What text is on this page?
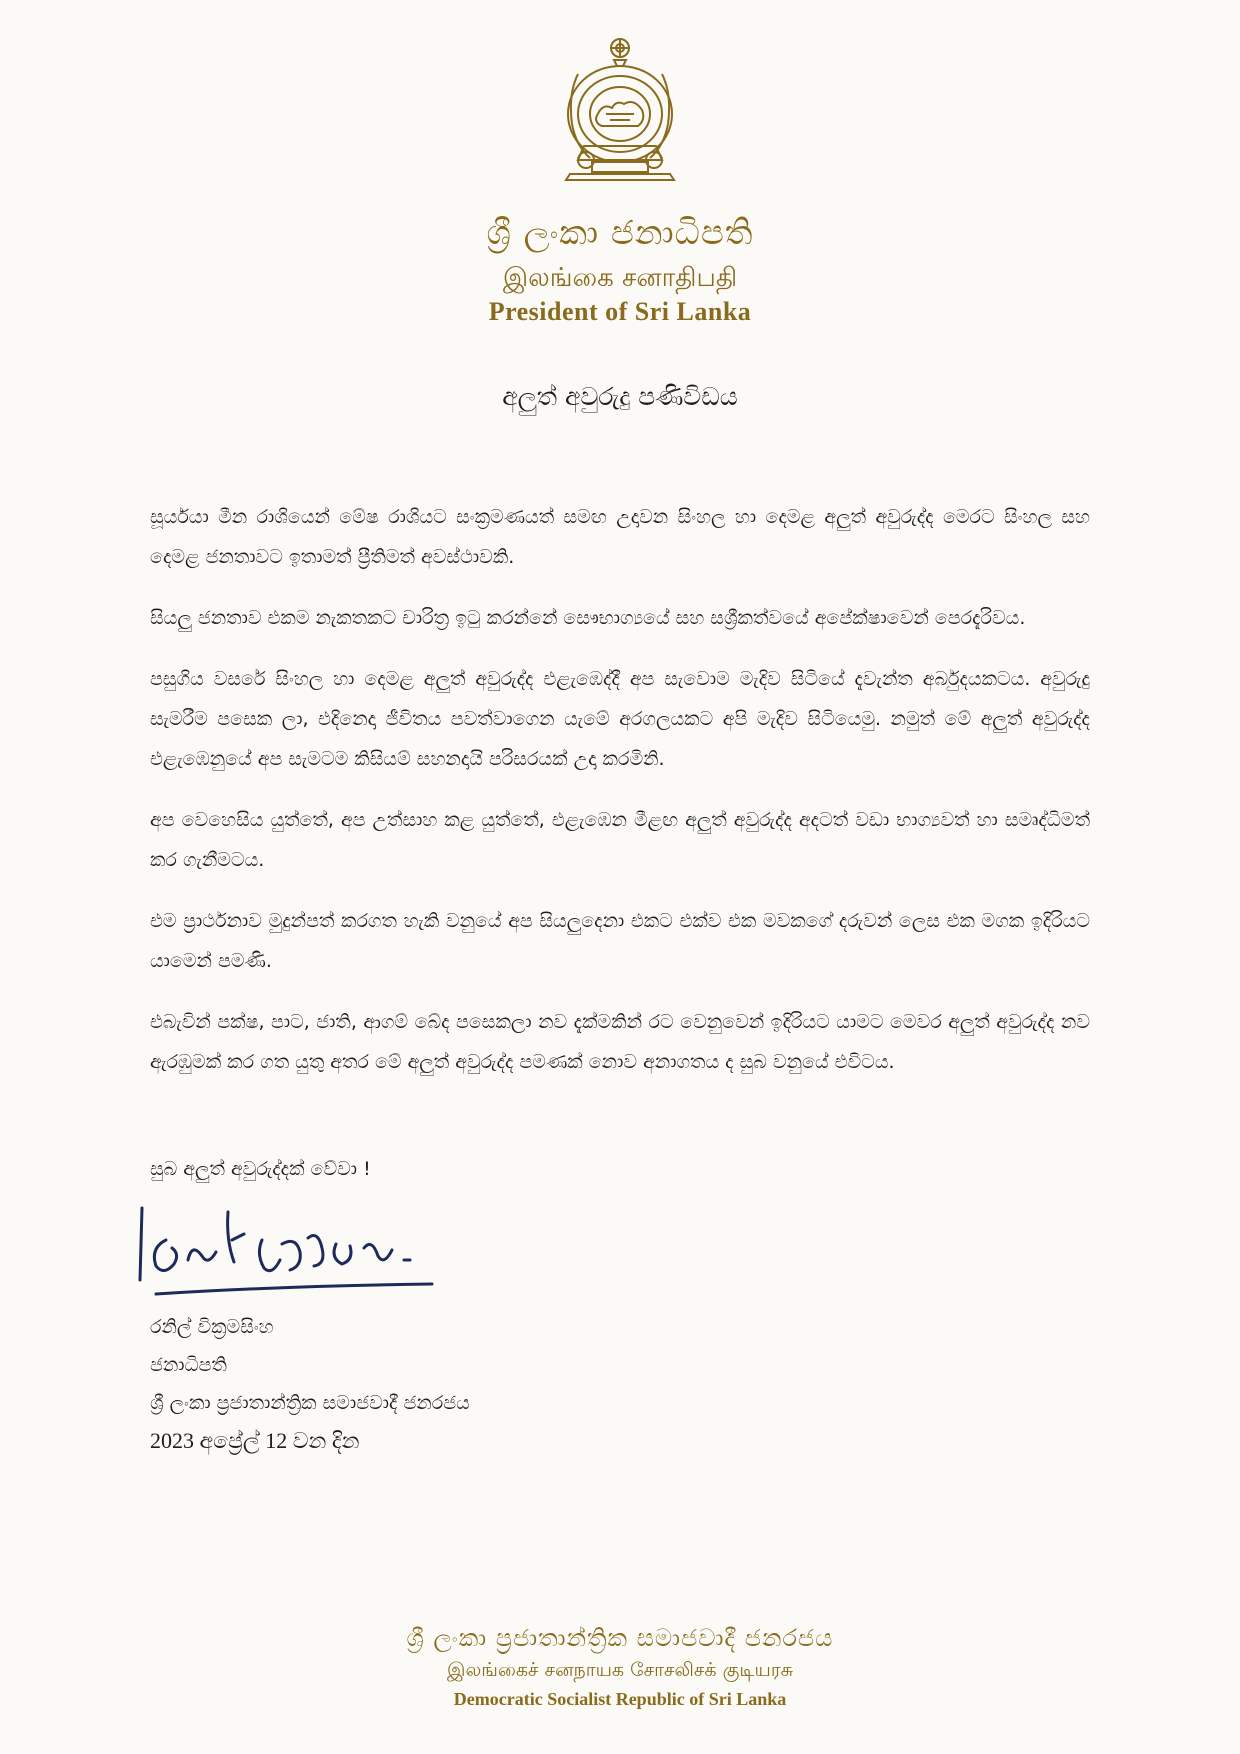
ශ්‍රී ලංකා ජනාධිපති
இலங்கை சனாதிபதி
President of Sri Lanka
අලුත් අවුරුදු පණිවිඩය

සූර්යයා මීන රාශියෙන් මේෂ රාශියට සංක්‍රමණයත් සමඟ උදාවන සිංහල හා දෙමළ අලුත් අවුරුද්ද මෙරට සිංහල සහ දෙමළ ජනතාවට ඉතාමත් ප්‍රීතිමත් අවස්ථාවකි.

සියලු ජනතාව එකම නැකතකට චාරිත්‍ර ඉටු කරන්නේ සෞභාග්‍යයේ සහ සශ්‍රීකත්වයේ අපේක්ෂාවෙන් පෙරදැරිවය.

පසුගිය වසරේ සිංහල හා දෙමළ අලුත් අවුරුද්ද එළැඹෙද්දී අප සැවොම මැදිව සිටියේ දැවැන්ත අර්බුදයකටය. අවුරුදු සැමරීම පසෙක ලා, එදිනෙදා ජීවිතය පවත්වාගෙන යැමේ අරගලයකට අපි මැදිව සිටියෙමු. නමුත් මේ අලුත් අවුරුද්ද එළැඹෙනුයේ අප සැමටම කිසියම් සහනදායි පරිසරයක් උදා කරමිනි.

අප වෙහෙසිය යුත්තේ, අප උත්සාහ කළ යුත්තේ, එළැඹෙන මීළඟ අලුත් අවුරුද්ද අදටත් වඩා භාග්‍යවත් හා සමෘද්ධිමත් කර ගැනීමටය.

එම ප්‍රාර්ථනාව මුදුන්පත් කරගත හැකි වනුයේ අප සියලුදෙනා එකට එක්ව එක මවකගේ දරුවන් ලෙස එක මගක ඉදිරියට යාමෙන් පමණි.

එබැවින් පක්ෂ, පාට, ජාති, ආගම් බේද පසෙකලා නව දැක්මකින් රට වෙනුවෙන් ඉදිරියට යාමට මෙවර අලුත් අවුරුද්ද නව ඇරඹුමක් කර ගත යුතු අතර මේ අලුත් අවුරුද්ද පමණක් නොව අනාගතය ද සුබ වනුයේ එවිටය.

සුබ අලුත් අවුරුද්දක් වේවා !
රනිල් වික්‍රමසිංහ
ජනාධිපති
ශ්‍රී ලංකා ප්‍රජාතාන්ත්‍රික සමාජවාදී ජනරජය
2023 අප්‍රේල් 12 වන දින
ශ්‍රී ලංකා ප්‍රජාතාන්ත්‍රික සමාජවාදී ජනරජය
இலங்கைச் சனநாயக சோசலிசக் குடியரசு
Democratic Socialist Republic of Sri Lanka
